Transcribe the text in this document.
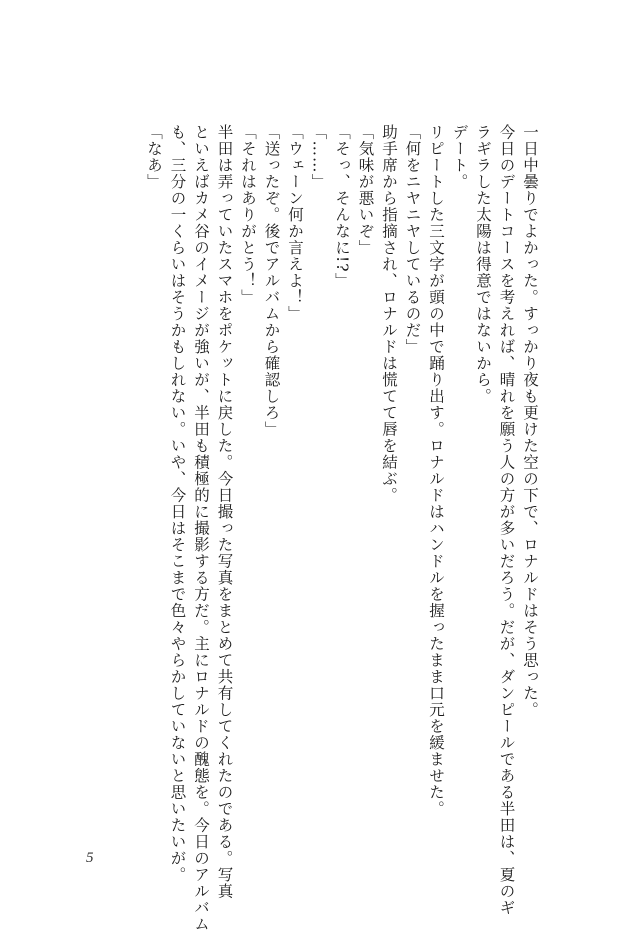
一日中曇りでよかった。すっかり夜も更けた空の下で、ロナルドはそう思った。
今日のデートコースを考えれば、晴れを願う人の方が多いだろう。だが、ダンピールである半田は、夏のギ
ラギラした太陽は得意ではないから。
デート。
リピートした三文字が頭の中で踊り出す。ロナルドはハンドルを握ったまま口元を緩ませた。
「何をニヤニヤしているのだ」
助手席から指摘され、ロナルドは慌てて唇を結ぶ。
「気味が悪いぞ」
「そっ、そんなに!?」
「……」
「ウェーン何か言えよ！」
「送ったぞ。後でアルバムから確認しろ」
「それはありがとう！」
半田は弄っていたスマホをポケットに戻した。今日撮った写真をまとめて共有してくれたのである。写真
といえばカメ谷のイメージが強いが、半田も積極的に撮影する方だ。主にロナルドの醜態を。今日のアルバム
も、三分の一くらいはそうかもしれない。いや、今日はそこまで色々やらかしていないと思いたいが。
「なあ」
5
